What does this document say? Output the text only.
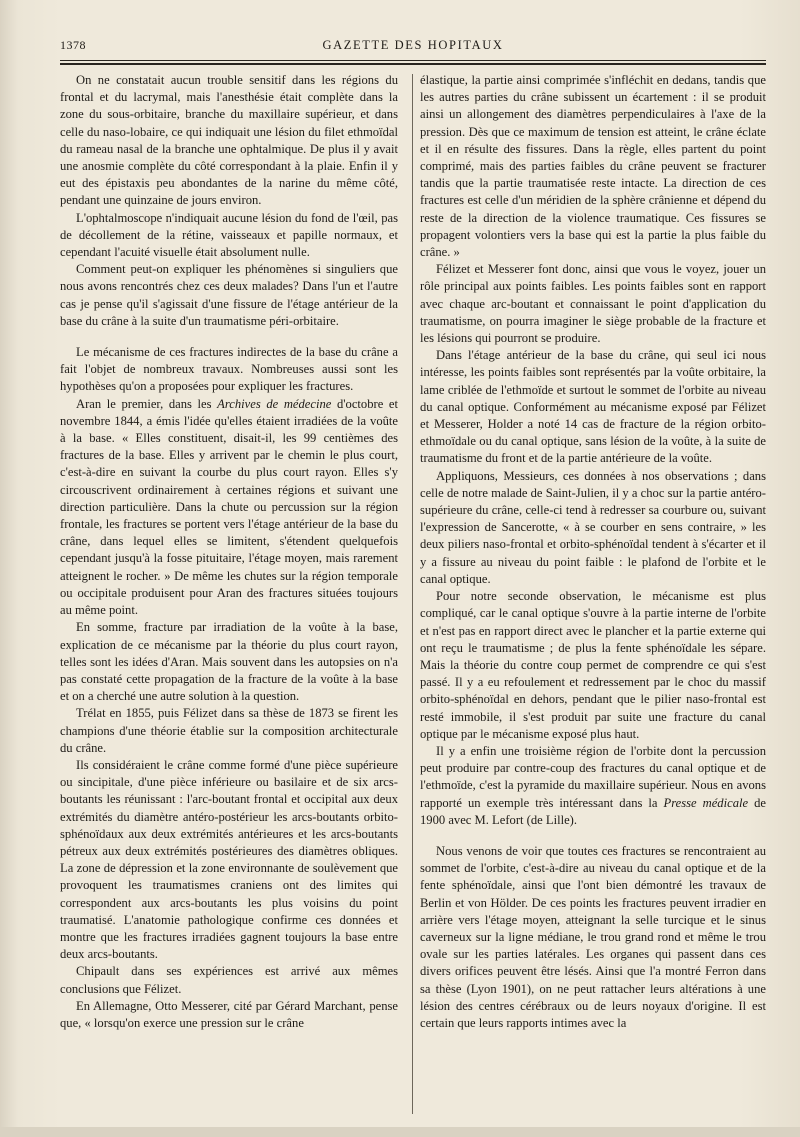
1378	GAZETTE DES HOPITAUX

On ne constatait aucun trouble sensitif dans les régions du frontal et du lacrymal, mais l'anesthésie était complète dans la zone du sous-orbitaire, branche du maxillaire supérieur, et dans celle du naso-lobaire, ce qui indiquait une lésion du filet ethmoïdal du rameau nasal de la branche une ophtalmique. De plus il y avait une anosmie complète du côté correspondant à la plaie. Enfin il y eut des épistaxis peu abondantes de la narine du même côté, pendant une quinzaine de jours environ.

L'ophtalmoscope n'indiquait aucune lésion du fond de l'œil, pas de décollement de la rétine, vaisseaux et papille normaux, et cependant l'acuité visuelle était absolument nulle.

Comment peut-on expliquer les phénomènes si singuliers que nous avons rencontrés chez ces deux malades? Dans l'un et l'autre cas je pense qu'il s'agissait d'une fissure de l'étage antérieur de la base du crâne à la suite d'un traumatisme péri-orbitaire.

Le mécanisme de ces fractures indirectes de la base du crâne a fait l'objet de nombreux travaux. Nombreuses aussi sont les hypothèses qu'on a proposées pour expliquer les fractures.

Aran le premier, dans les Archives de médecine d'octobre et novembre 1844, a émis l'idée qu'elles étaient irradiées de la voûte à la base. « Elles constituent, disait-il, les 99 centièmes des fractures de la base. Elles y arrivent par le chemin le plus court, c'est-à-dire en suivant la courbe du plus court rayon. Elles s'y circouscrivent ordinairement à certaines régions et suivant une direction particulière. Dans la chute ou percussion sur la région frontale, les fractures se portent vers l'étage antérieur de la base du crâne, dans lequel elles se limitent, s'étendent quelquefois cependant jusqu'à la fosse pituitaire, l'étage moyen, mais rarement atteignent le rocher. » De même les chutes sur la région temporale ou occipitale produisent pour Aran des fractures situées toujours au même point.

En somme, fracture par irradiation de la voûte à la base, explication de ce mécanisme par la théorie du plus court rayon, telles sont les idées d'Aran. Mais souvent dans les autopsies on n'a pas constaté cette propagation de la fracture de la voûte à la base et on a cherché une autre solution à la question.

Trélat en 1855, puis Félizet dans sa thèse de 1873 se firent les champions d'une théorie établie sur la composition architecturale du crâne.

Ils considéraient le crâne comme formé d'une pièce supérieure ou sincipitale, d'une pièce inférieure ou basilaire et de six arcs-boutants les réunissant : l'arc-boutant frontal et occipital aux deux extrémités du diamètre antéro-postérieur les arcs-boutants orbito-sphénoïdaux aux deux extrémités antérieures et les arcs-boutants pétreux aux deux extrémités postérieures des diamètres obliques. La zone de dépression et la zone environnante de soulèvement que provoquent les traumatismes craniens ont des limites qui correspondent aux arcs-boutants les plus voisins du point traumatisé. L'anatomie pathologique confirme ces données et montre que les fractures irradiées gagnent toujours la base entre deux arcs-boutants.

Chipault dans ses expériences est arrivé aux mêmes conclusions que Félizet.

En Allemagne, Otto Messerer, cité par Gérard Marchant, pense que, « lorsqu'on exerce une pression sur le crâne

élastique, la partie ainsi comprimée s'infléchit en dedans, tandis que les autres parties du crâne subissent un écartement : il se produit ainsi un allongement des diamètres perpendiculaires à l'axe de la pression. Dès que ce maximum de tension est atteint, le crâne éclate et il en résulte des fissures. Dans la règle, elles partent du point comprimé, mais des parties faibles du crâne peuvent se fracturer tandis que la partie traumatisée reste intacte. La direction de ces fractures est celle d'un méridien de la sphère crânienne et dépend du reste de la direction de la violence traumatique. Ces fissures se propagent volontiers vers la base qui est la partie la plus faible du crâne. »

Félizet et Messerer font donc, ainsi que vous le voyez, jouer un rôle principal aux points faibles. Les points faibles sont en rapport avec chaque arc-boutant et connaissant le point d'application du traumatisme, on pourra imaginer le siège probable de la fracture et les lésions qui pourront se produire.

Dans l'étage antérieur de la base du crâne, qui seul ici nous intéresse, les points faibles sont représentés par la voûte orbitaire, la lame criblée de l'ethmoïde et surtout le sommet de l'orbite au niveau du canal optique. Conformément au mécanisme exposé par Félizet et Messerer, Holder a noté 14 cas de fracture de la région orbito-ethmoïdale ou du canal optique, sans lésion de la voûte, à la suite de traumatisme du front et de la partie antérieure de la voûte.

Appliquons, Messieurs, ces données à nos observations ; dans celle de notre malade de Saint-Julien, il y a choc sur la partie antéro-supérieure du crâne, celle-ci tend à redresser sa courbure ou, suivant l'expression de Sancerotte, « à se courber en sens contraire, » les deux piliers naso-frontal et orbito-sphénoïdal tendent à s'écarter et il y a fissure au niveau du point faible : le plafond de l'orbite et le canal optique.

Pour notre seconde observation, le mécanisme est plus compliqué, car le canal optique s'ouvre à la partie interne de l'orbite et n'est pas en rapport direct avec le plancher et la partie externe qui ont reçu le traumatisme ; de plus la fente sphénoïdale les sépare. Mais la théorie du contre coup permet de comprendre ce qui s'est passé. Il y a eu refoulement et redressement par le choc du massif orbito-sphénoïdal en dehors, pendant que le pilier naso-frontal est resté immobile, il s'est produit par suite une fracture du canal optique par le mécanisme exposé plus haut.

Il y a enfin une troisième région de l'orbite dont la percussion peut produire par contre-coup des fractures du canal optique et de l'ethmoïde, c'est la pyramide du maxillaire supérieur. Nous en avons rapporté un exemple très intéressant dans la Presse médicale de 1900 avec M. Lefort (de Lille).

Nous venons de voir que toutes ces fractures se rencontraient au sommet de l'orbite, c'est-à-dire au niveau du canal optique et de la fente sphénoïdale, ainsi que l'ont bien démontré les travaux de Berlin et von Hölder. De ces points les fractures peuvent irradier en arrière vers l'étage moyen, atteignant la selle turcique et le sinus caverneux sur la ligne médiane, le trou grand rond et même le trou ovale sur les parties latérales. Les organes qui passent dans ces divers orifices peuvent être lésés. Ainsi que l'a montré Ferron dans sa thèse (Lyon 1901), on ne peut rattacher leurs altérations à une lésion des centres cérébraux ou de leurs noyaux d'origine. Il est certain que leurs rapports intimes avec la
